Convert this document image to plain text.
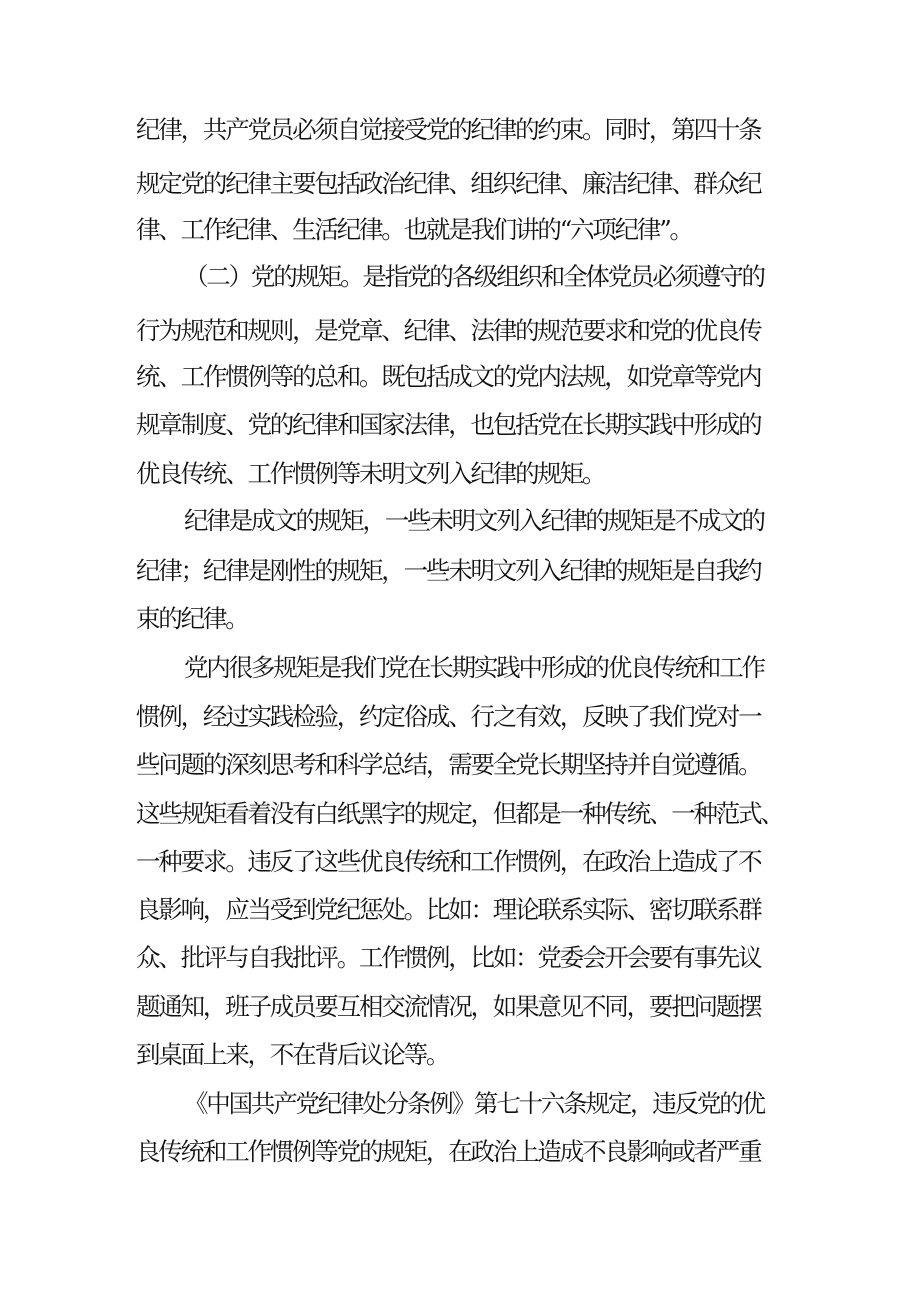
纪律，共产党员必须自觉接受党的纪律的约束。同时，第四十条
规定党的纪律主要包括政治纪律、组织纪律、廉洁纪律、群众纪
律、工作纪律、生活纪律。也就是我们讲的“六项纪律”。
（二）党的规矩。是指党的各级组织和全体党员必须遵守的
行为规范和规则，是党章、纪律、法律的规范要求和党的优良传
统、工作惯例等的总和。既包括成文的党内法规，如党章等党内
规章制度、党的纪律和国家法律，也包括党在长期实践中形成的
优良传统、工作惯例等未明文列入纪律的规矩。
纪律是成文的规矩，一些未明文列入纪律的规矩是不成文的
纪律；纪律是刚性的规矩，一些未明文列入纪律的规矩是自我约
束的纪律。
党内很多规矩是我们党在长期实践中形成的优良传统和工作
惯例，经过实践检验，约定俗成、行之有效，反映了我们党对一
些问题的深刻思考和科学总结，需要全党长期坚持并自觉遵循。
这些规矩看着没有白纸黑字的规定，但都是一种传统、一种范式、
一种要求。违反了这些优良传统和工作惯例，在政治上造成了不
良影响，应当受到党纪惩处。比如：理论联系实际、密切联系群
众、批评与自我批评。工作惯例，比如：党委会开会要有事先议
题通知，班子成员要互相交流情况，如果意见不同，要把问题摆
到桌面上来，不在背后议论等。
《中国共产党纪律处分条例》第七十六条规定，违反党的优
良传统和工作惯例等党的规矩，在政治上造成不良影响或者严重
